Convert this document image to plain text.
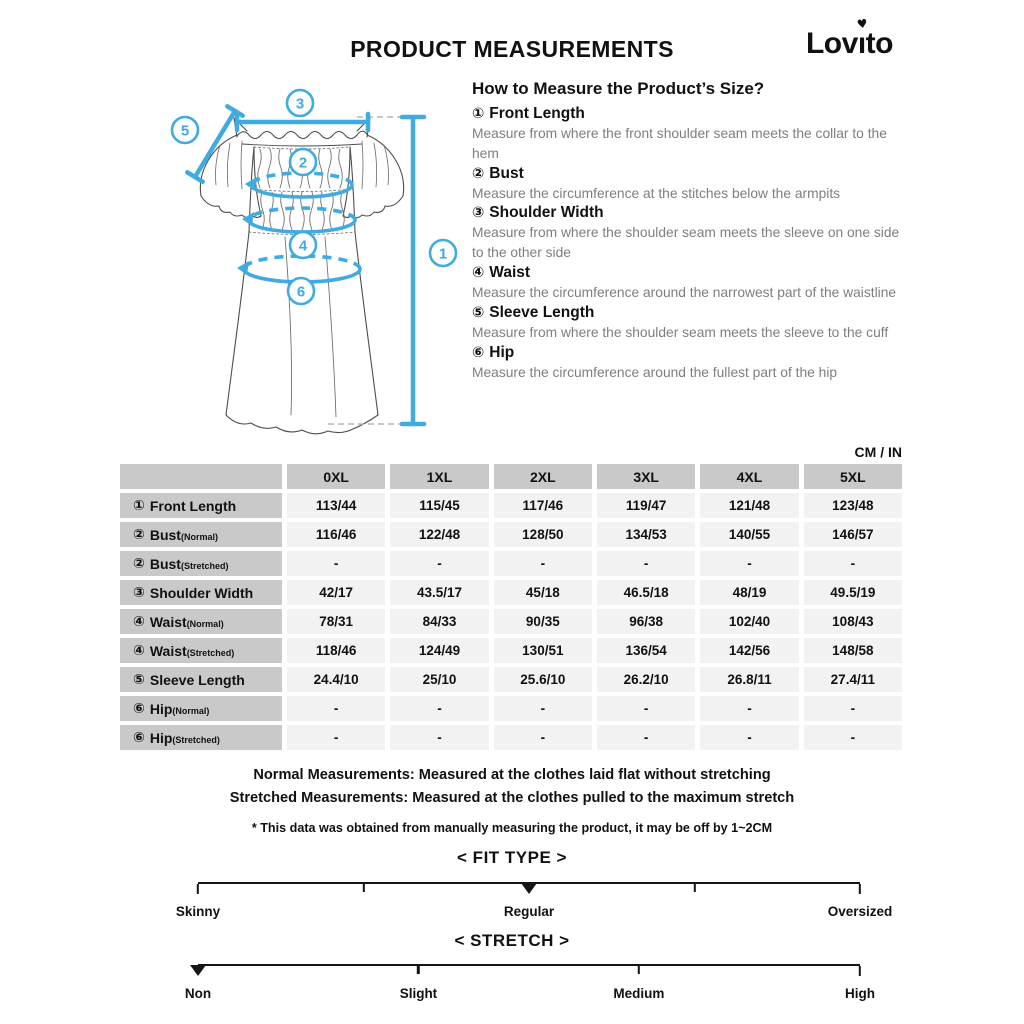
PRODUCT MEASUREMENTS	Lovı
♥
to
3
5
2
4
6
1
How to Measure the Product’s Size?
① Front Length
Measure from where the front shoulder seam meets the collar to the hem
② Bust
Measure the circumference at the stitches below the armpits
③ Shoulder Width
Measure from where the shoulder seam meets the sleeve on one side to the other side
④ Waist
Measure the circumference around the narrowest part of the waistline
⑤ Sleeve Length
Measure from where the shoulder seam meets the sleeve to the cuff
⑥ Hip
Measure the circumference around the fullest part of the hip
CM / IN
0XL	1XL	2XL	3XL	4XL	5XL
① Front Length	113/44	115/45	117/46	119/47	121/48	123/48
② Bust (Normal)	116/46	122/48	128/50	134/53	140/55	146/57
② Bust (Stretched)	-	-	-	-	-	-
③ Shoulder Width	42/17	43.5/17	45/18	46.5/18	48/19	49.5/19
④ Waist (Normal)	78/31	84/33	90/35	96/38	102/40	108/43
④ Waist (Stretched)	118/46	124/49	130/51	136/54	142/56	148/58
⑤ Sleeve Length	24.4/10	25/10	25.6/10	26.2/10	26.8/11	27.4/11
⑥ Hip (Normal)	-	-	-	-	-	-
⑥ Hip (Stretched)	-	-	-	-	-	-
Normal Measurements: Measured at the clothes laid flat without stretching
Stretched Measurements: Measured at the clothes pulled to the maximum stretch
* This data was obtained from manually measuring the product, it may be off by 1~2CM
< FIT TYPE >
Skinny	Regular	Oversized
< STRETCH >
Non	Slight	Medium	High
